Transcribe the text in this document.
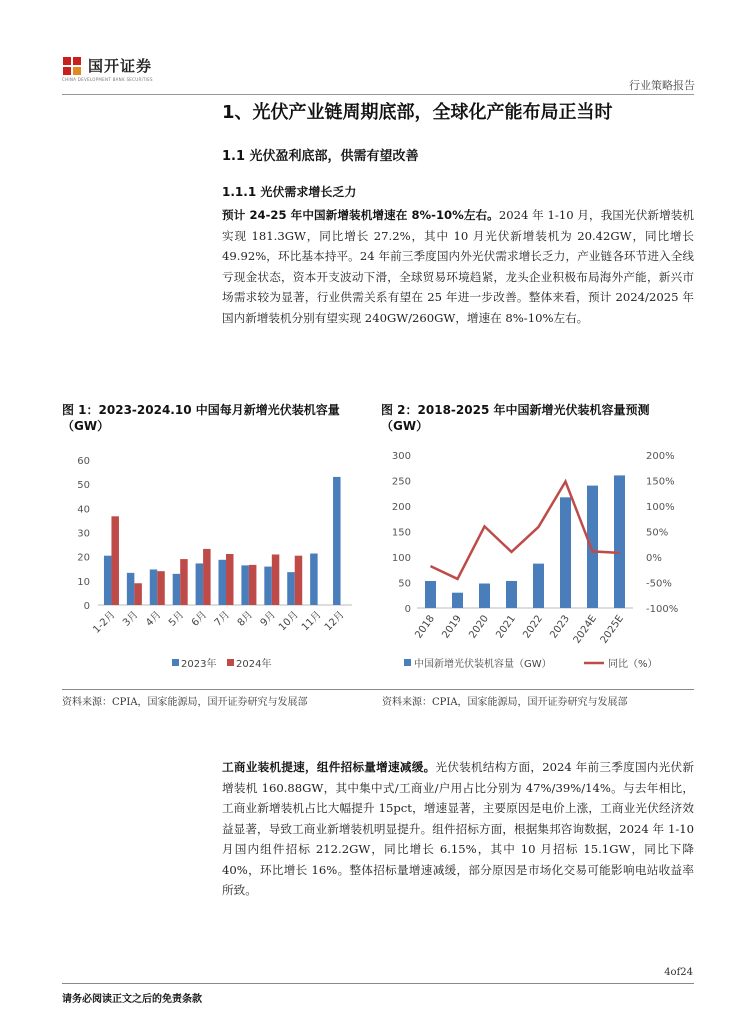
国开证券
CHINA DEVELOPMENT BANK SECURITIES	行业策略报告
1、光伏产业链周期底部，全球化产能布局正当时
1.1 光伏盈利底部，供需有望改善
1.1.1 光伏需求增长乏力
预计 24-25 年中国新增装机增速在 8%-10%左右。2024 年 1-10 月，我国光伏新增装机实现 181.3GW，同比增长 27.2%，其中 10 月光伏新增装机为 20.42GW，同比增长 49.92%，环比基本持平。24 年前三季度国内外光伏需求增长乏力，产业链各环节进入全线亏现金状态，资本开支波动下滑，全球贸易环境趋紧，龙头企业积极布局海外产能，新兴市场需求较为显著，行业供需关系有望在 25 年进一步改善。整体来看，预计 2024/2025 年国内新增装机分别有望实现 240GW/260GW，增速在 8%-10%左右。
图 1：2023-2024.10 中国每月新增光伏装机容量（GW）
图 2：2018-2025 年中国新增光伏装机容量预测（GW）
0
10
20
30
40
50
60
1-2月 3月 4月 5月 6月 7月 8月 9月 10月 11月 12月
2023年 2024年
0
50
100
150
200
250
300
-100%
-50%
0%
50%
100%
150%
200%
2018 2019 2020 2021 2022 2023 2024E 2025E
中国新增光伏装机容量（GW）	同比（%）
资料来源：CPIA，国家能源局，国开证券研究与发展部	资料来源：CPIA，国家能源局，国开证券研究与发展部
工商业装机提速，组件招标量增速减缓。光伏装机结构方面，2024 年前三季度国内光伏新增装机 160.88GW，其中集中式/工商业/户用占比分别为 47%/39%/14%。与去年相比，工商业新增装机占比大幅提升 15pct，增速显著，主要原因是电价上涨，工商业光伏经济效益显著，导致工商业新增装机明显提升。组件招标方面，根据集邦咨询数据，2024 年 1-10 月国内组件招标 212.2GW，同比增长 6.15%，其中 10 月招标 15.1GW，同比下降 40%，环比增长 16%。整体招标量增速减缓，部分原因是市场化交易可能影响电站收益率所致。
4of24
请务必阅读正文之后的免责条款
